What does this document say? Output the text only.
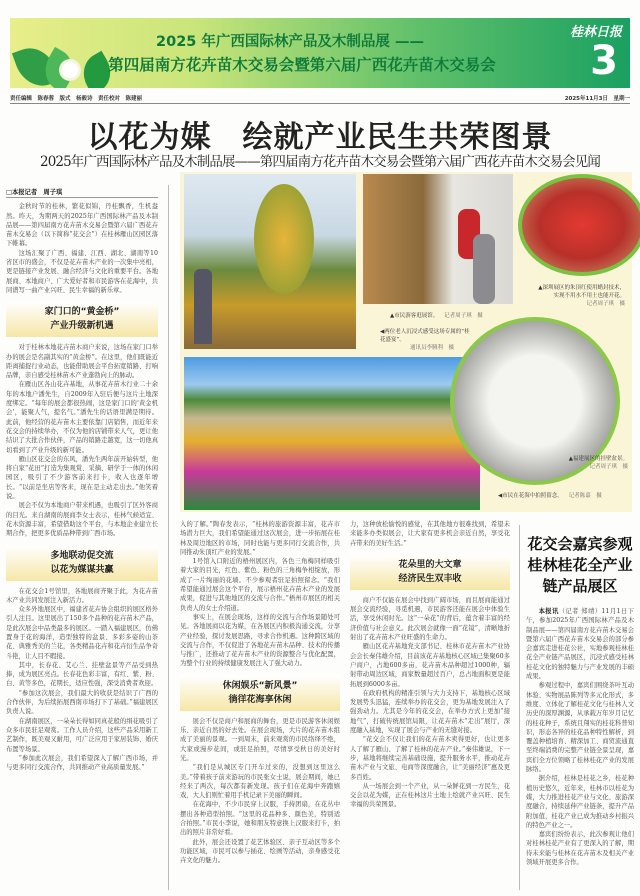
2025 年广西国际林产品及木制品展 ——
第四届南方花卉苗木交易会暨第六届广西花卉苗木交易会
桂林日报
3
责任编辑　陈春蓉　版式　杨毅诗　责任校对　陈建丽	2025年11月3日　星期一
以花为媒　绘就产业民生共荣图景
2025年广西国际林产品及木制品展——第四届南方花卉苗木交易会暨第六届广西花卉苗木交易会见闻
□本报记者　周子琪

金秋时节的桂林，繁花似锦，丹桂飘香，生机盎然。昨天，为期两天的2025年广西国际林产品及木制品展——第四届南方花卉苗木交易会暨第六届广西花卉苗木交易会（以下简称“花交会”）在桂林雁山区园区落下帷幕。

这场汇聚了广西、福建、江西、湖北、湖南等10省区市的盛会，不仅是花卉苗木产业的一次集中亮相，更是链接产业发展、融合经济与文化的重要平台。各地展商、本地商户、广大爱好者和市民游客在花海中，共同谱写一曲产业兴旺、民生幸福的新乐章。

家门口的“黄金桥”
产业升级新机遇

对于桂林本地花卉苗木商户来说，这场在家门口举办的展会是名副其实的“黄金桥”。在这里，他们既能近距离捕捉行业动态，也能借助展会平台拓宽销路、打响品牌，亲自感受桂林苗木产业蓬勃向上的脉动。

在雁山区各山花卉基地，从事花卉苗木行业二十余年的本地户潘先生，自2009年入驻后便与这片土地深度绑定。“每年的展会都很热闹，这是家门口的‘黄金机会’，能聚人气，提名气。”潘先生的话语里满是期待。此前，他经营的花卉苗木主要依靠门店销售，而近年来花交会的持续举办，不仅为他的店铺带来人气，更让他结识了大批合作伙伴，产品的销路走越宽，这一切他真切看到了产业升级的新可能。

雁山区花交会的东风，潘先生两年前开始转型，他将自家“花田”打造为集观赏、采摘、研学于一体的休闲园区，吸引了不少游客前来打卡，收入也逐年增长。“以前是坐店等客来，现在是主动走出去。”他笑着说。

展会不仅为本地商户带来机遇，也吸引了区外客商的目光。来自湖南的展商李女士表示，桂林气候适宜、花木资源丰富，希望借助这个平台，与本地企业建立长期合作，把更多优质品种带到广西市场。

多地联动促交流
以花为媒谋共赢

在花交会1号馆里，各地展商齐聚于此，为花卉苗木产业共同发展注入新活力。

众多外地展区中，福建省花卉协会组织的展区格外引人注目。这里展出了150多个品种的花卉苗木产品，是此次展会中品类最多的展区。一踏入福建展区，仿佛置身于花的海洋，造型独特的盆景、多彩多姿的山茶花、典雅秀美的兰花，各类精品花卉和花卉衍生品争奇斗艳，让人目不暇接。

其中，长春花、艾心兰、挂壁盆景等产品受到热捧，成为展区亮点。长春花色彩丰富，有红、紫、粉、白、黄等多色，花期长，适应性强，深受消费者欢迎。

“参加这次展会，我们最大的收获是结识了广西的合作伙伴，为后续拓展西南市场打下了基础。”福建展区负责人说。

在湖南展区，一朵朵长得如同真花般的绢花吸引了众多市民驻足观赏。工作人员介绍，这些产品采用新工艺制作，既美观又耐用，可广泛应用于家居装饰、婚庆布置等场景。

“参加此次展会，我们希望深入了解广西市场，并与更多同行交流合作，共同推动产业高质量发展。”

▲市民游客逛展馆。 记者周子琪　摄
◀两位老人沉浸式感受这场专属的“桂花盛宴”。
通讯员李腾利　摄
▲深圳展区的朱顶红使用蜡封技术，实现不用水不用土也能开花。
记者周子琪　摄
▲福建展区的挂壁盆景。
记者周子琪　摄
◀市民在花海中拍照留念。 记者陈嘉　摄

入的了解。”陶春发表示，“桂林的旅游资源丰富，花卉市场潜力巨大，我们希望能通过这次展会，进一步拓展在桂林及周边地区的市场，同时也能与更多同行交流合作，共同推动朱顶红产业的发展。”

1号馆入口附近的梧州展区内，各色三角梅同样吸引着大家的目光，红色、紫色、粉色的三角梅争相绽放，形成了一片绚丽的花墙。不少参观者驻足拍照留念。“我们希望能通过展会这个平台，展示梧州花卉苗木产业的发展成果，促进与其他地区的交流与合作。”梧州市展区的相关负责人的女士介绍道。

事实上，在展会现场，这样的交流与合作场景随处可见。各地展商以花为媒，在各展区内积极沟通交流，分享产业经验，探讨发展思路，寻求合作机遇。这种跨区域的交流与合作，不仅促进了各地花卉苗木品种、技术的传播与推广，还推动了花卉苗木产业的资源整合与优化配置，为整个行业的持续健康发展注入了强大动力。

休闲娱乐“新风景”
徜徉花海享休闲

展会不仅是商户和展商的舞台，更是市民游客休闲娱乐、亲近自然的好去处。在展会现场，大片的花卉苗木组成了美丽的景观。一到周末，前来观赏的市民络绎不绝，大家或漫步花间，或驻足拍照，尽情享受秋日的美好时光。

“我们是从城区专门开车过来的，没想到这里这么美。”带着孩子前来游玩的市民张女士说，展会期间，她已经来了两次，每次都有新发现。孩子们在花海中奔跑嬉戏，大人们则忙着用手机记录下美丽的瞬间。

在花海中，不少市民穿上汉服，手持团扇，在花丛中摆出各种造型拍照。“这里的花品种多、颜色美，特别适合拍照。”市民小李说，她和朋友特意换上汉服来打卡，拍出的照片非常好看。

此外，展会还设置了花艺体验区、亲子互动区等多个功能区域，市民可以参与插花、绘画等活动，亲身感受花卉文化的魅力。

力，这种放松愉悦的感觉，在其他地方很难找到，希望未来能多办类似展会，让大家有更多机会亲近自然，享受花卉带来的美好生活。”

花朵里的大文章
经济民生双丰收

商户不仅能在展会中找到广阔市场，而且展商能通过展会交流经验，寻觅机遇，市民游客还能在展会中体验生活，享受休闲时光。这“一朵花”的背后，蕴含着丰富的经济价值与社会意义。此次展会就像一面“花镜”，清晰地折射出了花卉苗木产业旺盛的生命力。

雁山区花卉基地党支部书记、桂林市花卉苗木产业协会会长秦伟雄介绍，目前该花卉基地核心区域已集聚60多户商户，占地600多亩，花卉苗木品种超过1000种，辐射带动周边区域，商家数量超过百户，总占地面积更是能拓展到6000多亩。

在政府机构的精准引领与大力支持下，基地核心区域发展势头迅猛，连续举办的花交会，更为基地发展注入了强劲动力。尤其是今年的花交会，在举办方式上更加“接地气”，打破传统展馆局限，让花卉苗木“走出”展厅，深度融入基地，实现了展会与产业的无缝对接。

“花交会不仅让我们的花卉苗木卖得更好，也让更多人了解了雁山、了解了桂林的花卉产业。”秦伟雄说，下一步，基地将继续完善基础设施，提升服务水平，推动花卉苗木产业与文旅、电商等深度融合，让“美丽经济”惠及更多百姓。

从一场展会到一个产业，从一朵鲜花到一方民生，花交会以花为媒，正在桂林这片土地上绘就产业兴旺、民生幸福的共荣图景。

花交会嘉宾参观桂林桂花全产业链产品展区

本报讯（记者 郑靖）11月1日下午，参加2025年广西国际林产品及木制品展——第四届南方花卉苗木交易会暨第六届广西花卉苗木交易会的部分参会嘉宾走进桂花公社，实地参观桂林桂花全产业链产品展区，沉浸式感受桂林桂花文化的独特魅力与产业发展的丰硕成果。

参观过程中，嘉宾们围绕茶叶互动体验、实物展品陈列等多元化形式，多维度、立体化了解桂花文化与桂林人文历史的深厚渊源，从承载万年岁月记忆的桂花种子，系统且翔实的桂花科普知识，形态各异的桂花品种特性解析，到覆盖种植培育、精深加工、商贸流通直至终端消费的完整产业链全景呈现，嘉宾们全方位领略了桂林桂花产业的发展脉络。

据介绍，桂林是桂花之乡，桂花种植历史悠久，近年来，桂林市以桂花为媒，大力推进桂花产业与文化、旅游深度融合，持续延伸产业链条，提升产品附加值，桂花产业已成为推动乡村振兴的特色产业之一。

嘉宾们纷纷表示，此次参观让他们对桂林桂花产业有了更深入的了解，期待未来能与桂林在花卉苗木及相关产业领域开展更多合作。
